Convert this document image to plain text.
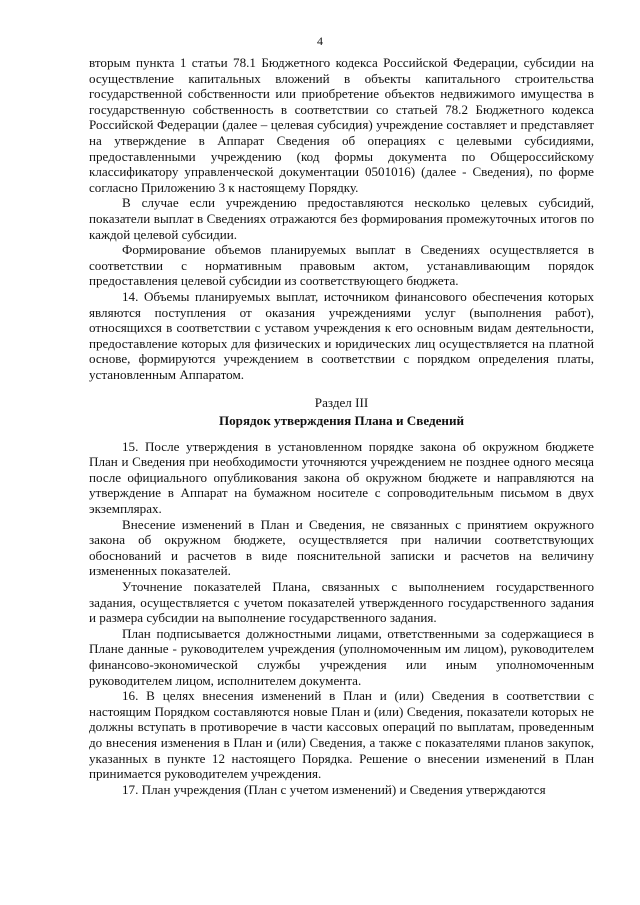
4

вторым пункта 1 статьи 78.1 Бюджетного кодекса Российской Федерации, субсидии на осуществление капитальных вложений в объекты капитального строительства государственной собственности или приобретение объектов недвижимого имущества в государственную собственность в соответствии со статьей 78.2 Бюджетного кодекса Российской Федерации (далее – целевая субсидия) учреждение составляет и представляет на утверждение в Аппарат Сведения об операциях с целевыми субсидиями, предоставленными учреждению (код формы документа по Общероссийскому классификатору управленческой документации 0501016) (далее - Сведения), по форме согласно Приложению 3 к настоящему Порядку.

В случае если учреждению предоставляются несколько целевых субсидий, показатели выплат в Сведениях отражаются без формирования промежуточных итогов по каждой целевой субсидии.

Формирование объемов планируемых выплат в Сведениях осуществляется в соответствии с нормативным правовым актом, устанавливающим порядок предоставления целевой субсидии из соответствующего бюджета.

14. Объемы планируемых выплат, источником финансового обеспечения которых являются поступления от оказания учреждениями услуг (выполнения работ), относящихся в соответствии с уставом учреждения к его основным видам деятельности, предоставление которых для физических и юридических лиц осуществляется на платной основе, формируются учреждением в соответствии с порядком определения платы, установленным Аппаратом.

Раздел III
Порядок утверждения Плана и Сведений

15. После утверждения в установленном порядке закона об окружном бюджете План и Сведения при необходимости уточняются учреждением не позднее одного месяца после официального опубликования закона об окружном бюджете и направляются на утверждение в Аппарат на бумажном носителе с сопроводительным письмом в двух экземплярах.

Внесение изменений в План и Сведения, не связанных с принятием окружного закона об окружном бюджете, осуществляется при наличии соответствующих обоснований и расчетов в виде пояснительной записки и расчетов на величину измененных показателей.

Уточнение показателей Плана, связанных с выполнением государственного задания, осуществляется с учетом показателей утвержденного государственного задания и размера субсидии на выполнение государственного задания.

План подписывается должностными лицами, ответственными за содержащиеся в Плане данные - руководителем учреждения (уполномоченным им лицом), руководителем финансово-экономической службы учреждения или иным уполномоченным руководителем лицом, исполнителем документа.

16. В целях внесения изменений в План и (или) Сведения в соответствии с настоящим Порядком составляются новые План и (или) Сведения, показатели которых не должны вступать в противоречие в части кассовых операций по выплатам, проведенным до внесения изменения в План и (или) Сведения, а также с показателями планов закупок, указанных в пункте 12 настоящего Порядка. Решение о внесении изменений в План принимается руководителем учреждения.

17. План учреждения (План с учетом изменений) и Сведения утверждаются
